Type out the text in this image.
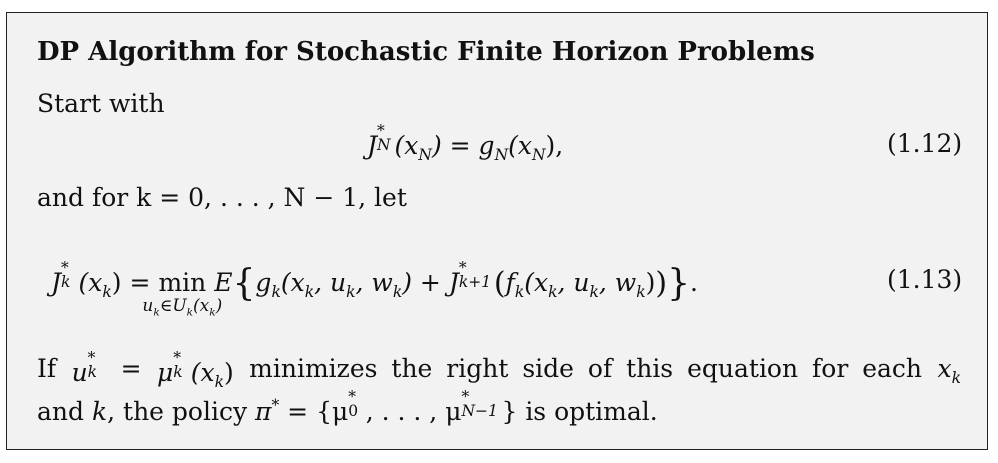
DP Algorithm for Stochastic Finite Horizon Problems
Start with
J
*
N $(x_N) = g_N(x_N)$,	(1.12)
and for k = 0, . . . , N − 1, let
J
*
k $(x_k) = \min$
$u_k\in U_k(x_k)$
$E\{g_k(x_k$, $u_k$, $w_k) + J$
*
k+1 ($f_k(x_k$, $u_k$, $w_k$))}.	(1.13)
If u
*
k = μ
*
k $(x_k)$ minimizes the right side of this equation for each $x_k$
and k, the policy π* = {μ
*
0 , . . . , μ
*
N−1 } is optimal.
